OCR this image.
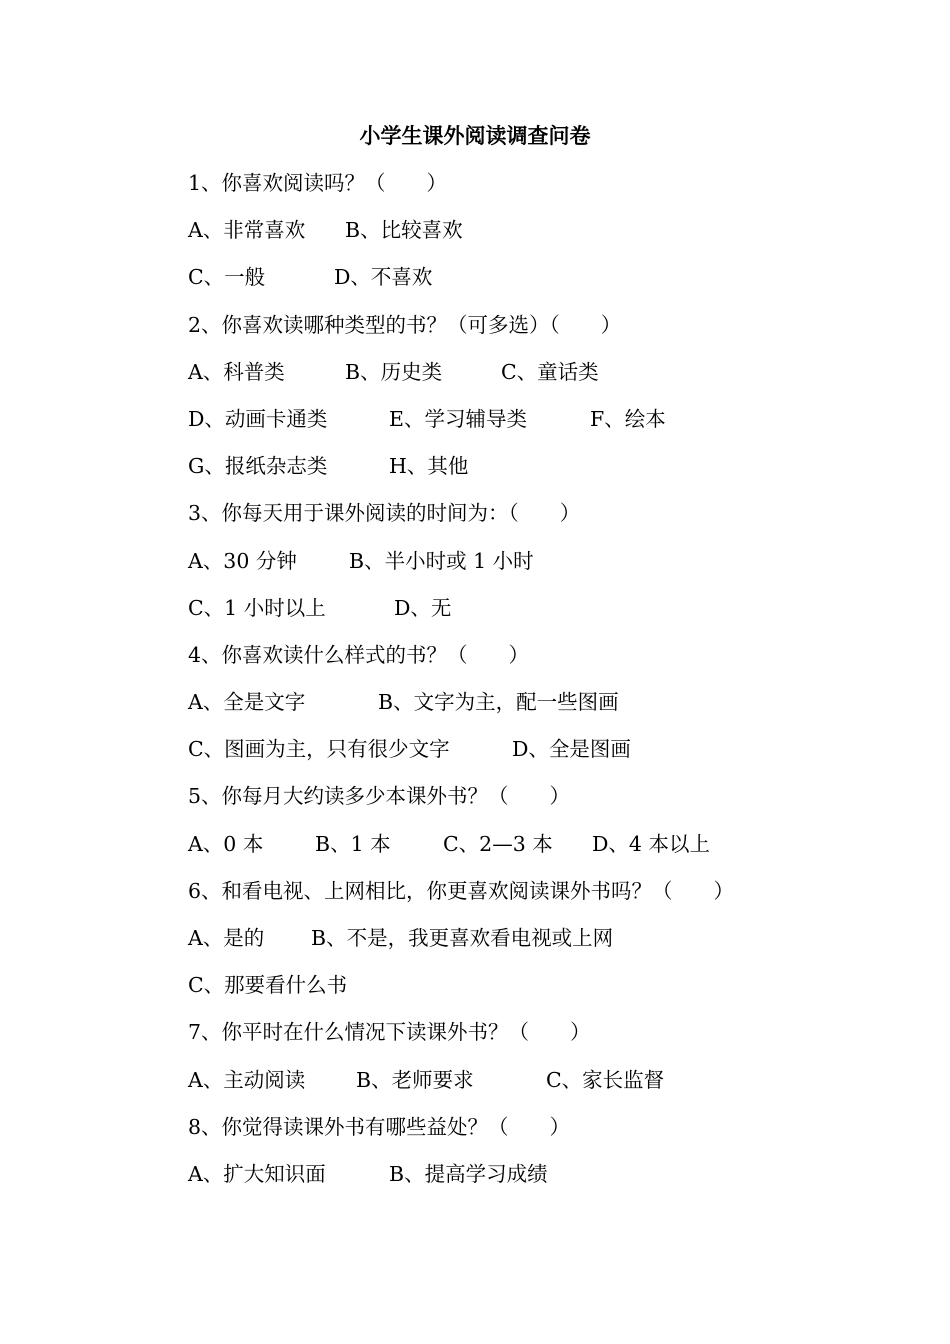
小学生课外阅读调查问卷
1、你喜欢阅读吗？（　　）
A、非常喜欢 B、比较喜欢
C、一般	D、不喜欢
2、你喜欢读哪种类型的书？（可多选）（　　）
A、科普类	B、历史类	C、童话类
D、动画卡通类	E、学习辅导类	F、绘本
G、报纸杂志类	H、其他
3、你每天用于课外阅读的时间为：（　　）
A、30 分钟	B、半小时或 1 小时
C、1 小时以上	D、无
4、你喜欢读什么样式的书？（　　）
A、全是文字	B、文字为主，配一些图画
C、图画为主，只有很少文字	D、全是图画
5、你每月大约读多少本课外书？（　　）
A、0 本	B、1 本	C、2—3 本 D、4 本以上
6、和看电视、上网相比，你更喜欢阅读课外书吗？（　　）
A、是的 B、不是，我更喜欢看电视或上网
C、那要看什么书
7、你平时在什么情况下读课外书？（　　）
A、主动阅读 B、老师要求	C、家长监督
8、你觉得读课外书有哪些益处？（　　）
A、扩大知识面	B、提高学习成绩
